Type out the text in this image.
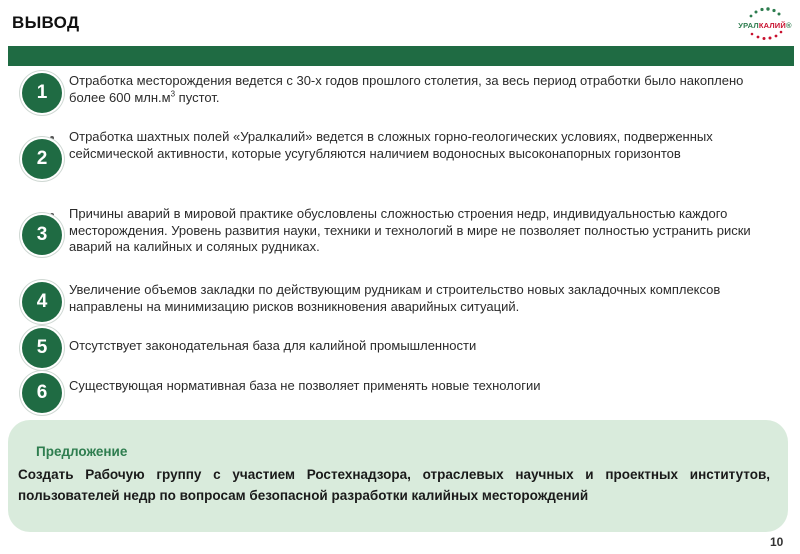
ВЫВОД	УРАЛКАЛИЙ®
1
Отработка месторождения ведется с 30-х годов прошлого столетия, за весь период отработки было накоплено более 600 $млн.м^3$ пустот.
2
Отработка шахтных полей «Уралкалий» ведется в сложных горно-геологических условиях, подверженных сейсмической активности, которые усугубляются наличием водоносных высоконапорных горизонтов
3
Причины аварий в мировой практике обусловлены сложностью строения недр, индивидуальностью каждого месторождения. Уровень развития науки, техники и технологий в мире не позволяет полностью устранить риски аварий на калийных и соляных рудниках.
4
Увеличение объемов закладки по действующим рудникам и строительство новых закладочных комплексов направлены на минимизацию рисков возникновения аварийных ситуаций.
5	Отсутствует законодательная база для калийной промышленности
6	Существующая нормативная база не позволяет применять новые технологии
Предложение
Создать Рабочую группу с участием Ростехнадзора, отраслевых научных и проектных институтов, пользователей недр по вопросам безопасной разработки калийных месторождений
10
